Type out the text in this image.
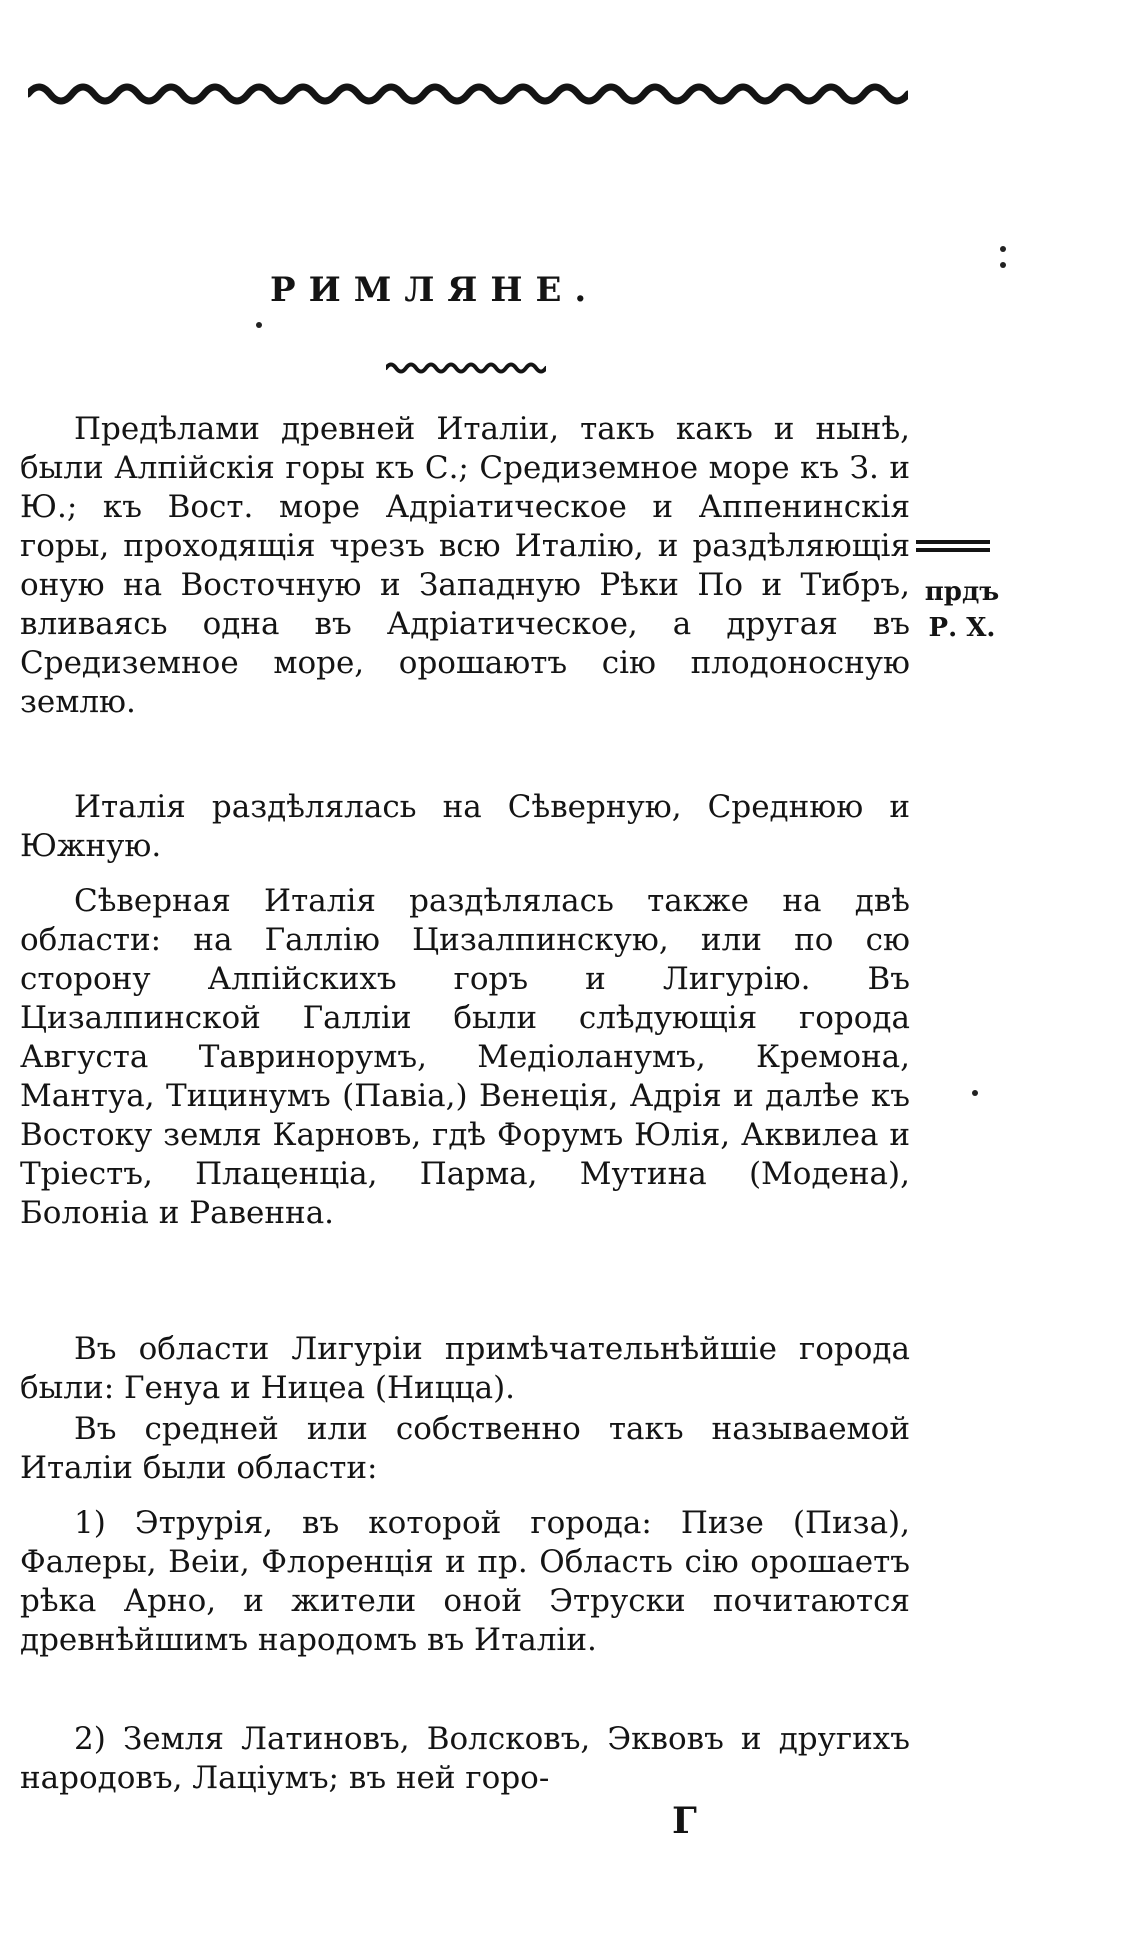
РИМЛЯНЕ.

Предѣлами древней Италіи, такъ какъ и нынѣ, были Алпійскія горы къ С.; Средиземное море къ З. и Ю.; къ Вост. море Адріатическое и Аппенинскія горы, проходящія чрезъ всю Италію, и раздѣляющія оную на Восточную и Западную Рѣки По и Тибръ, вливаясь одна въ Адріатическое, а другая въ Средиземное море, орошаютъ сію плодоносную землю.

Италія раздѣлялась на Сѣверную, Среднюю и Южную.

Сѣверная Италія раздѣлялась также на двѣ области: на Галлію Цизалпинскую, или по сю сторону Алпійскихъ горъ и Лигурію. Въ Цизалпинской Галліи были слѣдующія города Августа Тавринорумъ, Медіоланумъ, Кремона, Мантуа, Тицинумъ (Павіа,) Венеція, Адрія и далѣе къ Востоку земля Карновъ, гдѣ Форумъ Юлія, Аквилеа и Тріестъ, Плаценціа, Парма, Мутина (Модена), Болоніа и Равенна.

Въ области Лигуріи примѣчательнѣйшіе города были: Генуа и Ницеа (Ницца).

Въ средней или собственно такъ называемой Италіи были области:

1) Этрурія, въ которой города: Пизе (Пиза), Фалеры, Веіи, Флоренція и пр. Область сію орошаетъ рѣка Арно, и жители оной Этруски почитаются древнѣйшимъ народомъ въ Италіи.

2) Земля Латиновъ, Волсковъ, Эквовъ и другихъ народовъ, Лаціумъ; въ ней горо-

прдъ
Р. Х.
Г
